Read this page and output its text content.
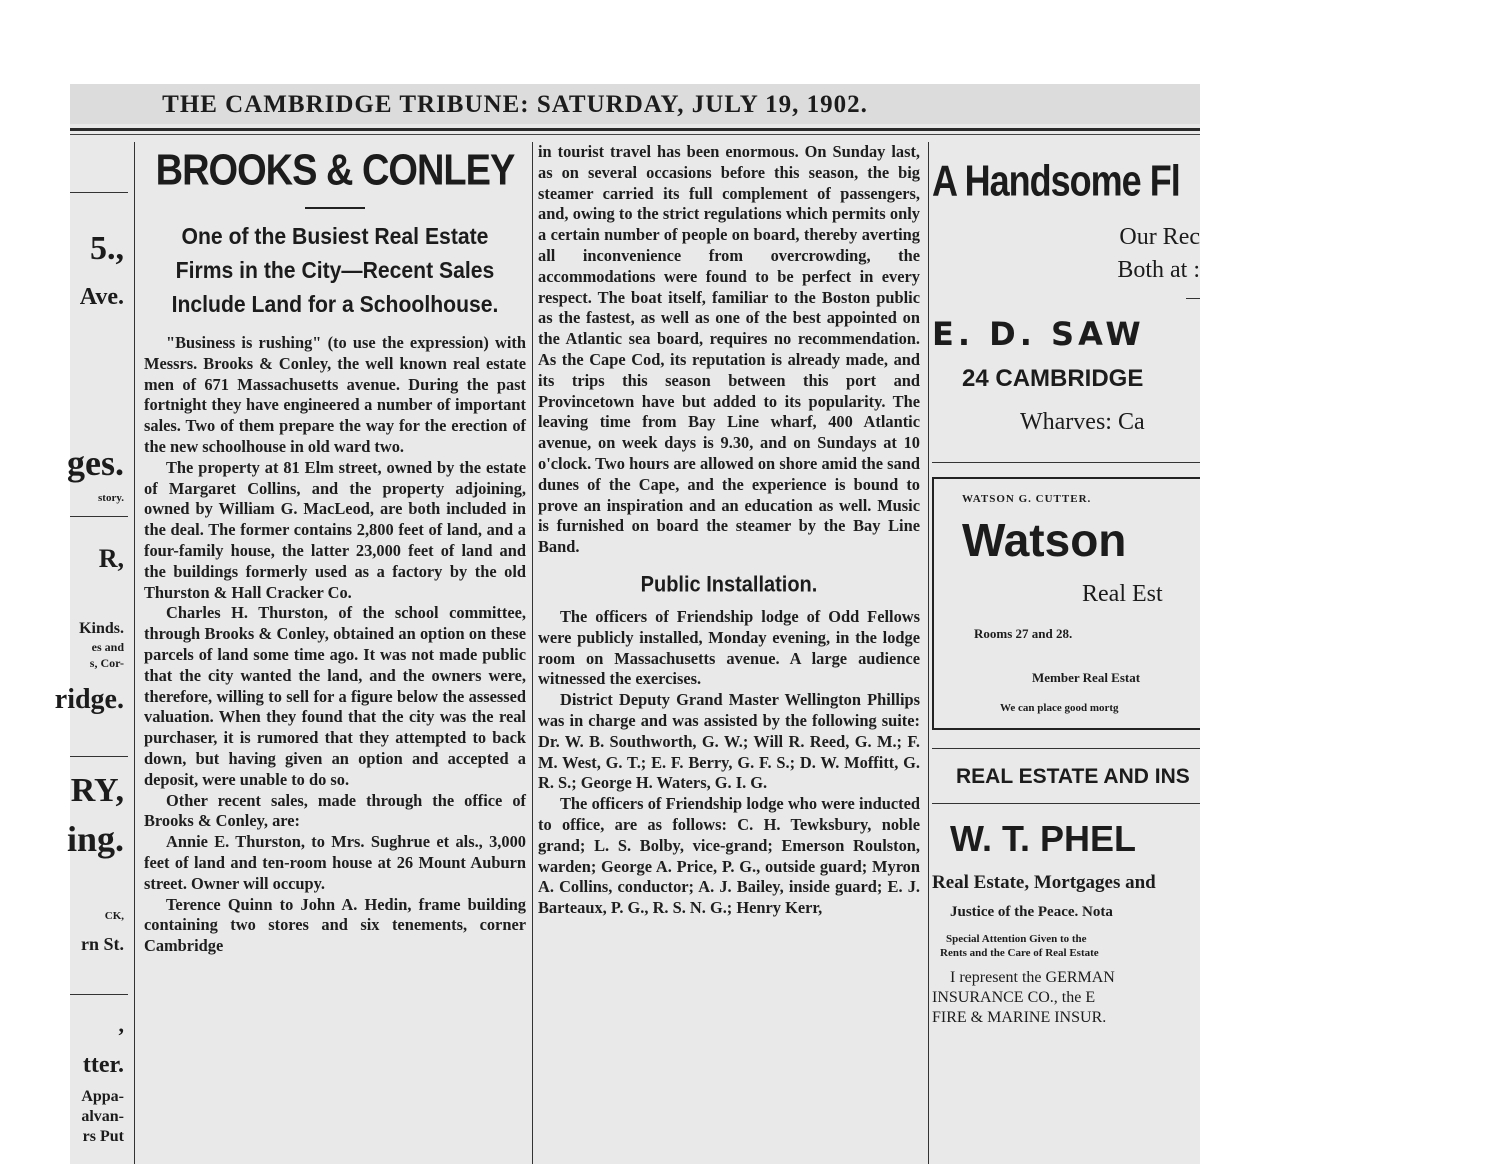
THE CAMBRIDGE TRIBUNE: SATURDAY, JULY 19, 1902.
5.,
Ave.
ges.
story.
R,
Kinds.
es and
s, Cor-
ridge.
RY,
ing.
CK,
rn St.
,
tter.
Appa-
alvan-
rs Put
BROOKS & CONLEY
One of the Busiest Real Estate
Firms in the City—Recent Sales
Include Land for a Schoolhouse.

"Business is rushing" (to use the expression) with Messrs. Brooks & Conley, the well known real estate men of 671 Massachusetts avenue. During the past fortnight they have engineered a number of important sales. Two of them prepare the way for the erection of the new schoolhouse in old ward two.

The property at 81 Elm street, owned by the estate of Margaret Collins, and the property adjoining, owned by William G. MacLeod, are both included in the deal. The former contains 2,800 feet of land, and a four-family house, the latter 23,000 feet of land and the buildings formerly used as a factory by the old Thurston & Hall Cracker Co.

Charles H. Thurston, of the school committee, through Brooks & Conley, obtained an option on these parcels of land some time ago. It was not made public that the city wanted the land, and the owners were, therefore, willing to sell for a figure below the assessed valuation. When they found that the city was the real purchaser, it is rumored that they attempted to back down, but having given an option and accepted a deposit, were unable to do so.

Other recent sales, made through the office of Brooks & Conley, are:

Annie E. Thurston, to Mrs. Sughrue et als., 3,000 feet of land and ten-room house at 26 Mount Auburn street. Owner will occupy.

Terence Quinn to John A. Hedin, frame building containing two stores and six tenements, corner Cambridge

in tourist travel has been enormous. On Sunday last, as on several occasions before this season, the big steamer carried its full complement of passengers, and, owing to the strict regulations which permits only a certain number of people on board, thereby averting all inconvenience from overcrowding, the accommodations were found to be perfect in every respect. The boat itself, familiar to the Boston public as the fastest, as well as one of the best appointed on the Atlantic sea board, requires no recommendation. As the Cape Cod, its reputation is already made, and its trips this season between this port and Provincetown have but added to its popularity. The leaving time from Bay Line wharf, 400 Atlantic avenue, on week days is 9.30, and on Sundays at 10 o'clock. Two hours are allowed on shore amid the sand dunes of the Cape, and the experience is bound to prove an inspiration and an education as well. Music is furnished on board the steamer by the Bay Line Band.

Public Installation.

The officers of Friendship lodge of Odd Fellows were publicly installed, Monday evening, in the lodge room on Massachusetts avenue. A large audience witnessed the exercises.

District Deputy Grand Master Wellington Phillips was in charge and was assisted by the following suite: Dr. W. B. Southworth, G. W.; Will R. Reed, G. M.; F. M. West, G. T.; E. F. Berry, G. F. S.; D. W. Moffitt, G. R. S.; George H. Waters, G. I. G.

The officers of Friendship lodge who were inducted to office, are as follows: C. H. Tewksbury, noble grand; L. S. Bolby, vice-grand; Emerson Roulston, warden; George A. Price, P. G., outside guard; Myron A. Collins, conductor; A. J. Bailey, inside guard; E. J. Barteaux, P. G., R. S. N. G.; Henry Kerr,

A Handsome Fl
Our Rec
Both at :
E. D. SAW
24 CAMBRIDGE
Wharves: Ca
WATSON G. CUTTER.
Watson
Real Est
Rooms 27 and 28.
Member Real Estat
We can place good mortg
REAL ESTATE AND INS
W. T. PHEL
Real Estate, Mortgages and
Justice of the Peace. Nota
Special Attention Given to the
Rents and the Care of Real Estate
I represent the GERMAN
INSURANCE CO., the E
FIRE & MARINE INSUR.
